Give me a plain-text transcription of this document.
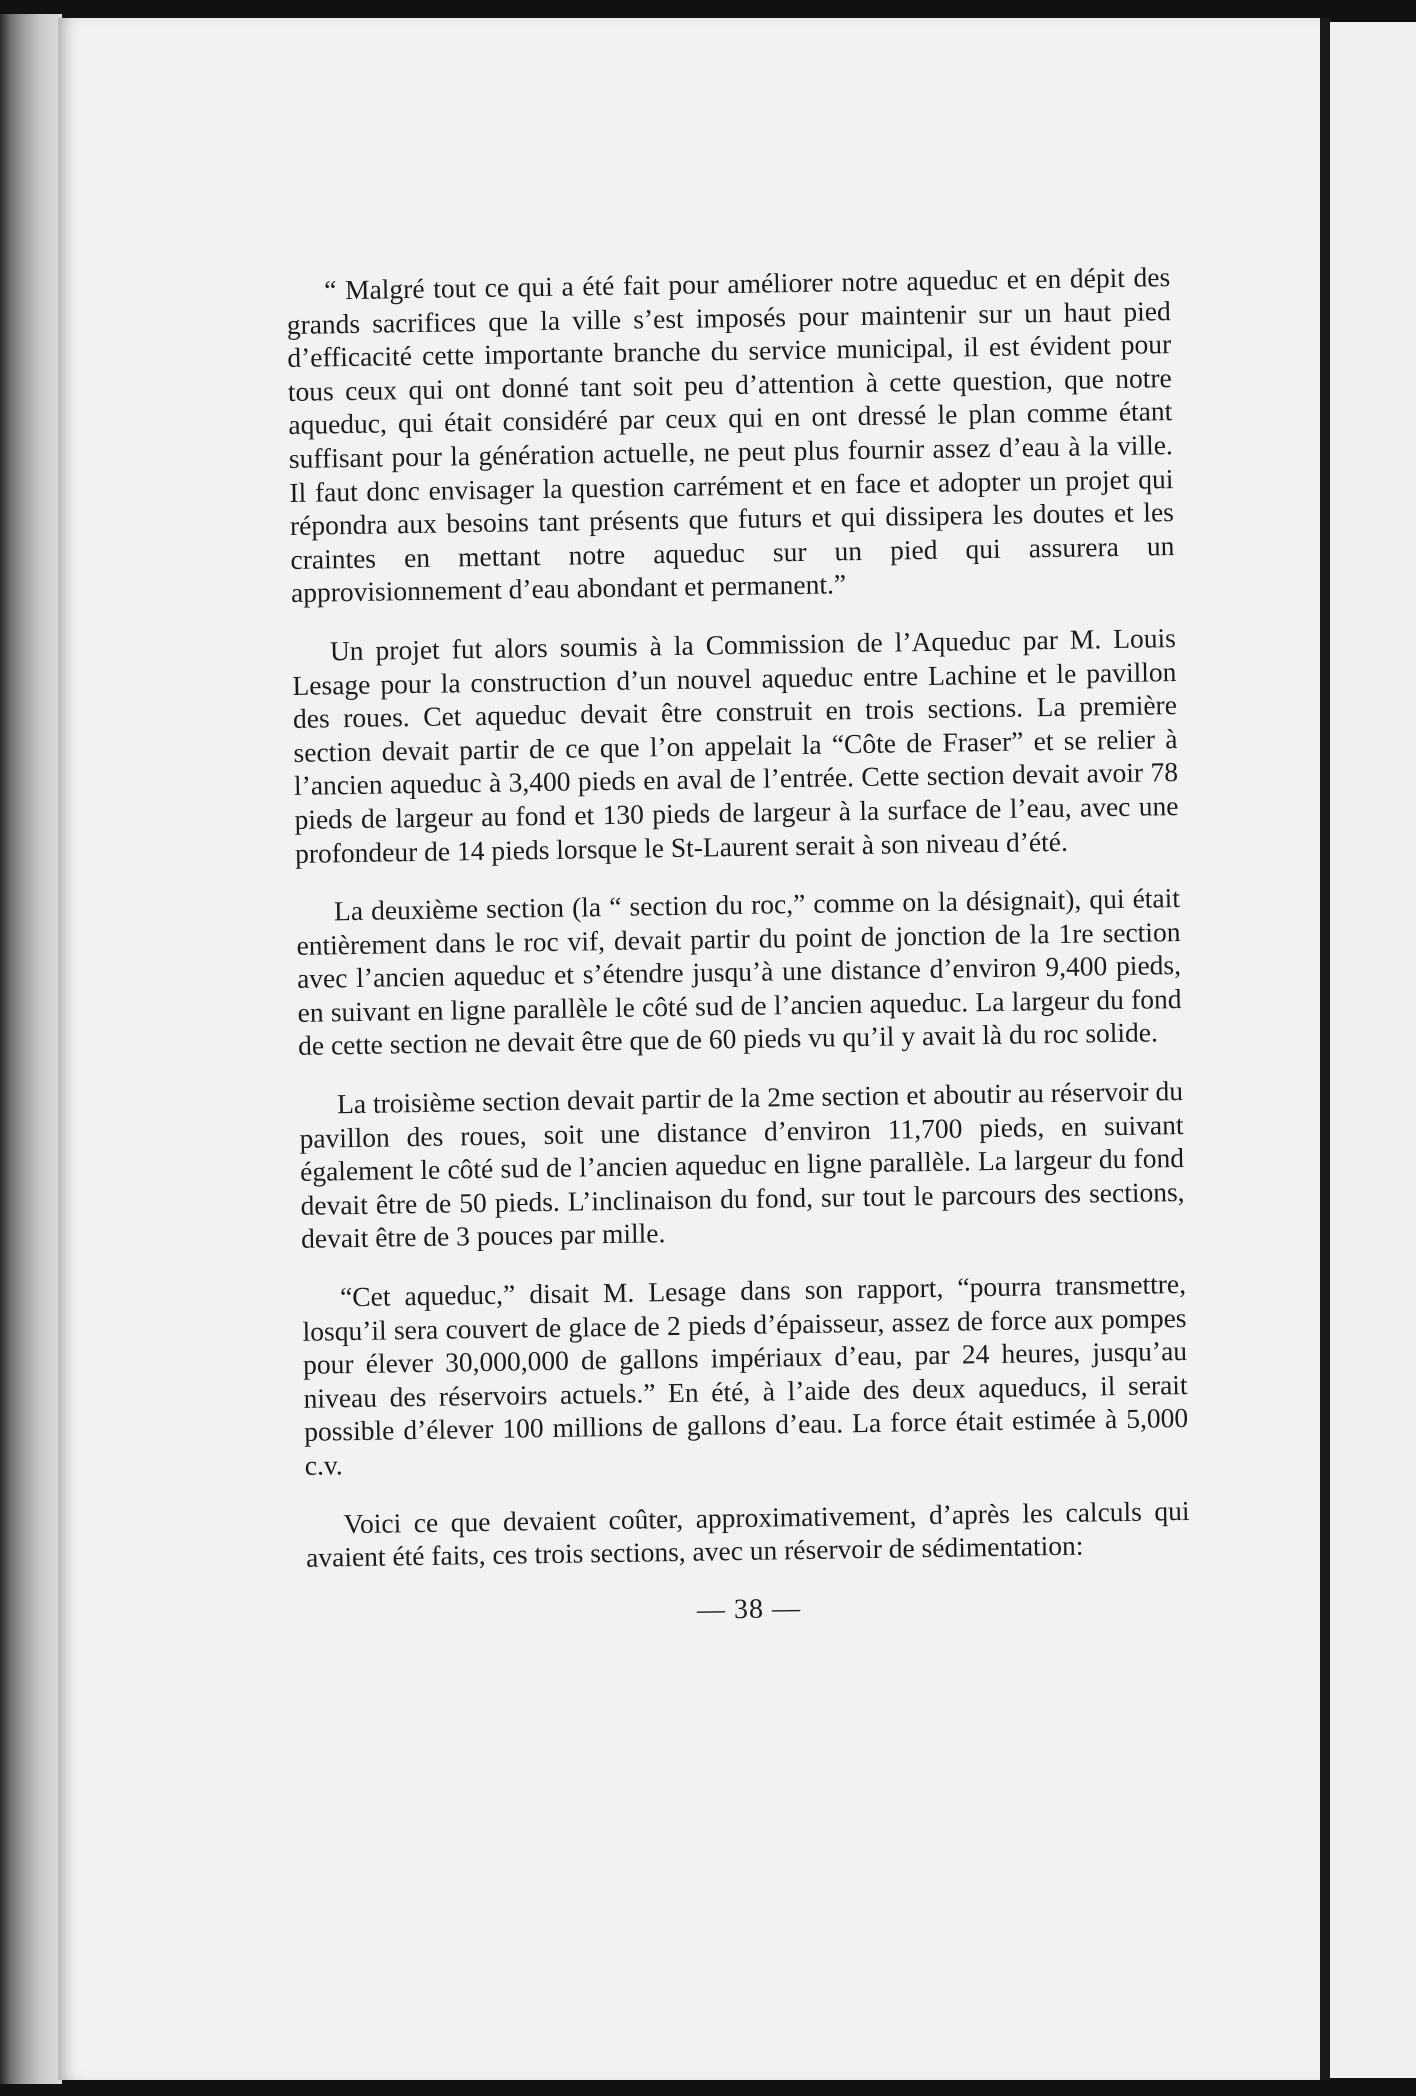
“ Malgré tout ce qui a été fait pour améliorer notre aqueduc et en dépit des grands sacrifices que la ville s’est imposés pour maintenir sur un haut pied d’efficacité cette importante branche du service municipal, il est évident pour tous ceux qui ont donné tant soit peu d’attention à cette question, que notre aqueduc, qui était considéré par ceux qui en ont dressé le plan comme étant suffisant pour la génération actuelle, ne peut plus fournir assez d’eau à la ville. Il faut donc envisager la question carrément et en face et adopter un projet qui répondra aux besoins tant présents que futurs et qui dissipera les doutes et les craintes en mettant notre aqueduc sur un pied qui assurera un approvisionnement d’eau abondant et permanent.”

Un projet fut alors soumis à la Commission de l’Aqueduc par M. Louis Lesage pour la construction d’un nouvel aqueduc entre Lachine et le pavillon des roues. Cet aqueduc devait être construit en trois sections. La première section devait partir de ce que l’on appelait la “Côte de Fraser” et se relier à l’ancien aqueduc à 3,400 pieds en aval de l’entrée. Cette section devait avoir 78 pieds de largeur au fond et 130 pieds de largeur à la surface de l’eau, avec une profondeur de 14 pieds lorsque le St-Laurent serait à son niveau d’été.

La deuxième section (la “ section du roc,” comme on la désignait), qui était entièrement dans le roc vif, devait partir du point de jonction de la 1re section avec l’ancien aqueduc et s’étendre jusqu’à une distance d’environ 9,400 pieds, en suivant en ligne parallèle le côté sud de l’ancien aqueduc. La largeur du fond de cette section ne devait être que de 60 pieds vu qu’il y avait là du roc solide.

La troisième section devait partir de la 2me section et aboutir au réservoir du pavillon des roues, soit une distance d’environ 11,700 pieds, en suivant également le côté sud de l’ancien aqueduc en ligne parallèle. La largeur du fond devait être de 50 pieds. L’inclinaison du fond, sur tout le parcours des sections, devait être de 3 pouces par mille.

“Cet aqueduc,” disait M. Lesage dans son rapport, “pourra transmettre, losqu’il sera couvert de glace de 2 pieds d’épaisseur, assez de force aux pompes pour élever 30,000,000 de gallons impériaux d’eau, par 24 heures, jusqu’au niveau des réservoirs actuels.” En été, à l’aide des deux aqueducs, il serait possible d’élever 100 millions de gallons d’eau. La force était estimée à 5,000 c.v.

Voici ce que devaient coûter, approximativement, d’après les calculs qui avaient été faits, ces trois sections, avec un réservoir de sédimentation:

— 38 —
